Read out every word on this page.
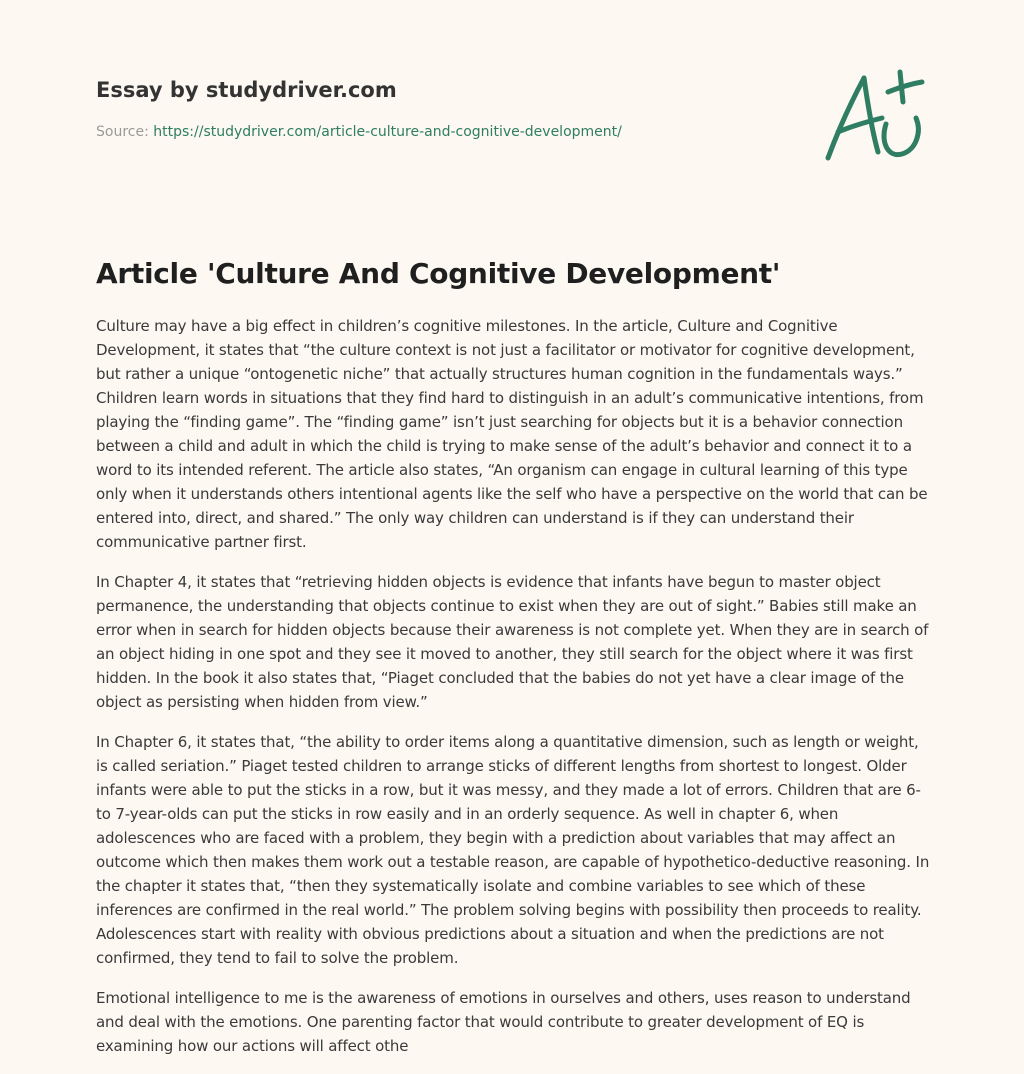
Essay by studydriver.com
Source: https://studydriver.com/article-culture-and-cognitive-development/
Article 'Culture And Cognitive Development'

Culture may have a big effect in children’s cognitive milestones. In the article, Culture and Cognitive Development, it states that “the culture context is not just a facilitator or motivator for cognitive development, but rather a unique “ontogenetic niche” that actually structures human cognition in the fundamentals ways.” Children learn words in situations that they find hard to distinguish in an adult’s communicative intentions, from playing the “finding game”. The “finding game” isn’t just searching for objects but it is a behavior connection between a child and adult in which the child is trying to make sense of the adult’s behavior and connect it to a word to its intended referent. The article also states, “An organism can engage in cultural learning of this type only when it understands others intentional agents like the self who have a perspective on the world that can be entered into, direct, and shared.” The only way children can understand is if they can understand their communicative partner first.

In Chapter 4, it states that “retrieving hidden objects is evidence that infants have begun to master object permanence, the understanding that objects continue to exist when they are out of sight.” Babies still make an error when in search for hidden objects because their awareness is not complete yet. When they are in search of an object hiding in one spot and they see it moved to another, they still search for the object where it was first hidden. In the book it also states that, “Piaget concluded that the babies do not yet have a clear image of the object as persisting when hidden from view.”

In Chapter 6, it states that, “the ability to order items along a quantitative dimension, such as length or weight, is called seriation.” Piaget tested children to arrange sticks of different lengths from shortest to longest. Older infants were able to put the sticks in a row, but it was messy, and they made a lot of errors. Children that are 6- to 7-year-olds can put the sticks in row easily and in an orderly sequence. As well in chapter 6, when adolescences who are faced with a problem, they begin with a prediction about variables that may affect an outcome which then makes them work out a testable reason, are capable of hypothetico-deductive reasoning. In the chapter it states that, “then they systematically isolate and combine variables to see which of these inferences are confirmed in the real world.” The problem solving begins with possibility then proceeds to reality. Adolescences start with reality with obvious predictions about a situation and when the predictions are not confirmed, they tend to fail to solve the problem.

Emotional intelligence to me is the awareness of emotions in ourselves and others, uses reason to understand and deal with the emotions. One parenting factor that would contribute to greater development of EQ is examining how our actions will affect othe
